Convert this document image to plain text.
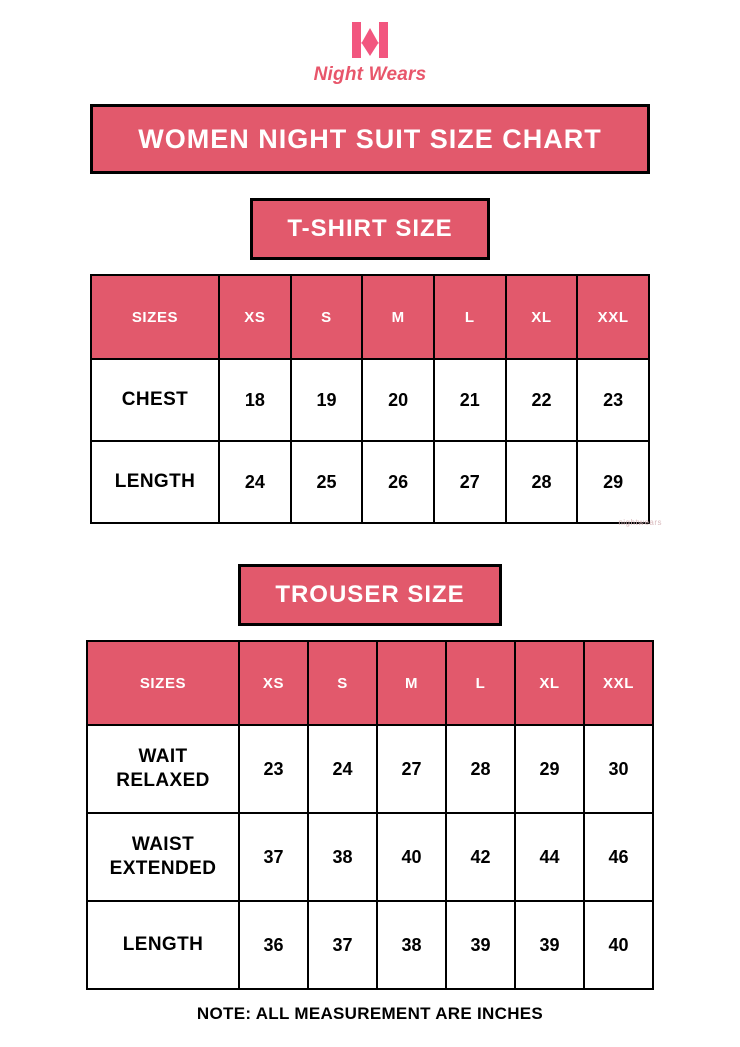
Night Wears
WOMEN NIGHT SUIT SIZE CHART
T-SHIRT SIZE
SIZES	XS	S	M	L	XL	XXL
CHEST	18	19	20	21	22	23
LENGTH	24	25	26	27	28	29
TROUSER SIZE
SIZES	XS	S	M	L	XL	XXL
WAIT RELAXED	23	24	27	28	29	30
WAIST EXTENDED	37	38	40	42	44	46
LENGTH	36	37	38	39	39	40
NOTE: ALL MEASUREMENT ARE INCHES
nightwears
